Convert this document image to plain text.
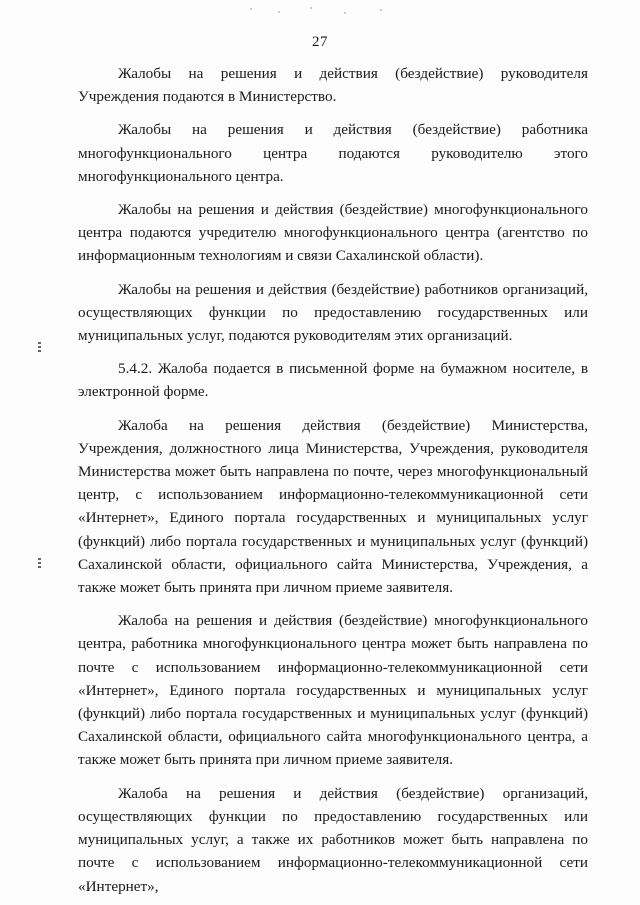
27

Жалобы на решения и действия (бездействие) руководителя Учреждения подаются в Министерство.

Жалобы на решения и действия (бездействие) работника многофункционального центра подаются руководителю этого многофункционального центра.

Жалобы на решения и действия (бездействие) многофункционального центра подаются учредителю многофункционального центра (агентство по информационным технологиям и связи Сахалинской области).

Жалобы на решения и действия (бездействие) работников организаций, осуществляющих функции по предоставлению государственных или муниципальных услуг, подаются руководителям этих организаций.

5.4.2. Жалоба подается в письменной форме на бумажном носителе, в электронной форме.

Жалоба на решения действия (бездействие) Министерства, Учреждения, должностного лица Министерства, Учреждения, руководителя Министерства может быть направлена по почте, через многофункциональный центр, с использованием информационно-телекоммуникационной сети «Интернет», Единого портала государственных и муниципальных услуг (функций) либо портала государственных и муниципальных услуг (функций) Сахалинской области, официального сайта Министерства, Учреждения, а также может быть принята при личном приеме заявителя.

Жалоба на решения и действия (бездействие) многофункционального центра, работника многофункционального центра может быть направлена по почте с использованием информационно-телекоммуникационной сети «Интернет», Единого портала государственных и муниципальных услуг (функций) либо портала государственных и муниципальных услуг (функций) Сахалинской области, официального сайта многофункционального центра, а также может быть принята при личном приеме заявителя.

Жалоба на решения и действия (бездействие) организаций, осуществляющих функции по предоставлению государственных или муниципальных услуг, а также их работников может быть направлена по почте с использованием информационно-телекоммуникационной сети «Интернет»,
